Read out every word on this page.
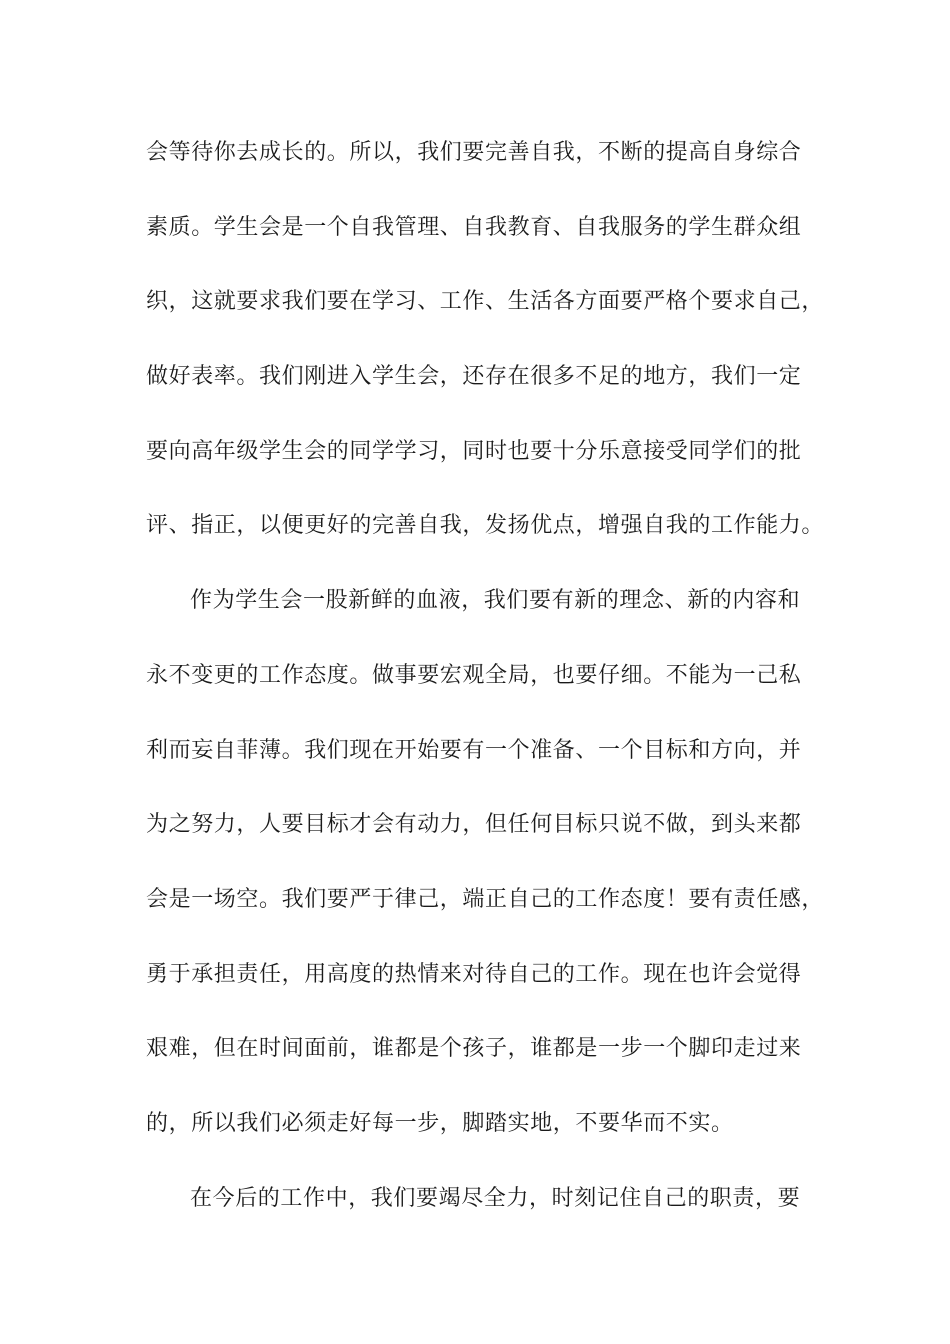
会等待你去成长的。所以，我们要完善自我，不断的提高自身综合
素质。学生会是一个自我管理、自我教育、自我服务的学生群众组
织，这就要求我们要在学习、工作、生活各方面要严格个要求自己，
做好表率。我们刚进入学生会，还存在很多不足的地方，我们一定
要向高年级学生会的同学学习，同时也要十分乐意接受同学们的批
评、指正，以便更好的完善自我，发扬优点，增强自我的工作能力。
作为学生会一股新鲜的血液，我们要有新的理念、新的内容和
永不变更的工作态度。做事要宏观全局，也要仔细。不能为一己私
利而妄自菲薄。我们现在开始要有一个准备、一个目标和方向，并
为之努力，人要目标才会有动力，但任何目标只说不做，到头来都
会是一场空。我们要严于律己，端正自己的工作态度！要有责任感，
勇于承担责任，用高度的热情来对待自己的工作。现在也许会觉得
艰难，但在时间面前，谁都是个孩子，谁都是一步一个脚印走过来
的，所以我们必须走好每一步，脚踏实地，不要华而不实。
在今后的工作中，我们要竭尽全力，时刻记住自己的职责，要
